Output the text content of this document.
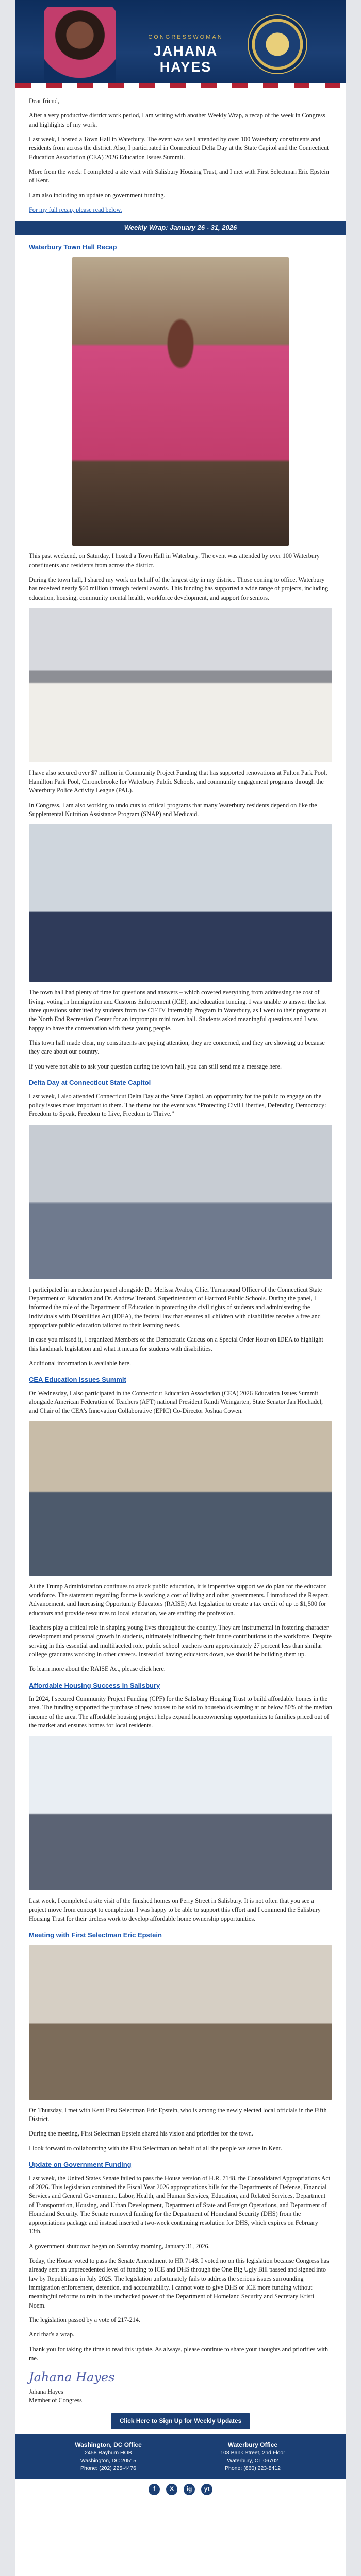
CONGRESSWOMAN
JAHANA HAYES

Dear friend,

After a very productive district work period, I am writing with another Weekly Wrap, a recap of the week in Congress and highlights of my work.

Last week, I hosted a Town Hall in Waterbury. The event was well attended by over 100 Waterbury constituents and residents from across the district. Also, I participated in Connecticut Delta Day at the State Capitol and the Connecticut Education Association (CEA) 2026 Education Issues Summit.

More from the week: I completed a site visit with Salisbury Housing Trust, and I met with First Selectman Eric Epstein of Kent.

I am also including an update on government funding.

For my full recap, please read below.

Weekly Wrap: January 26 - 31, 2026
Waterbury Town Hall Recap

This past weekend, on Saturday, I hosted a Town Hall in Waterbury. The event was attended by over 100 Waterbury constituents and residents from across the district.

During the town hall, I shared my work on behalf of the largest city in my district. Those coming to office, Waterbury has received nearly $60 million through federal awards. This funding has supported a wide range of projects, including education, housing, community mental health, workforce development, and support for seniors.

I have also secured over $7 million in Community Project Funding that has supported renovations at Fulton Park Pool, Hamilton Park Pool, Chronebrooke for Waterbury Public Schools, and community engagement programs through the Waterbury Police Activity League (PAL).

In Congress, I am also working to undo cuts to critical programs that many Waterbury residents depend on like the Supplemental Nutrition Assistance Program (SNAP) and Medicaid.

The town hall had plenty of time for questions and answers – which covered everything from addressing the cost of living, voting in Immigration and Customs Enforcement (ICE), and education funding. I was unable to answer the last three questions submitted by students from the CT-TV Internship Program in Waterbury, as I went to their programs at the North End Recreation Center for an impromptu mini town hall. Students asked meaningful questions and I was happy to have the conversation with these young people.

This town hall made clear, my constituents are paying attention, they are concerned, and they are showing up because they care about our country.

If you were not able to ask your question during the town hall, you can still send me a message here.

Delta Day at Connecticut State Capitol

Last week, I also attended Connecticut Delta Day at the State Capitol, an opportunity for the public to engage on the policy issues most important to them. The theme for the event was “Protecting Civil Liberties, Defending Democracy: Freedom to Speak, Freedom to Live, Freedom to Thrive.”

I participated in an education panel alongside Dr. Melissa Avalos, Chief Turnaround Officer of the Connecticut State Department of Education and Dr. Andrew Trenard, Superintendent of Hartford Public Schools. During the panel, I informed the role of the Department of Education in protecting the civil rights of students and administering the Individuals with Disabilities Act (IDEA), the federal law that ensures all children with disabilities receive a free and appropriate public education tailored to their learning needs.

In case you missed it, I organized Members of the Democratic Caucus on a Special Order Hour on IDEA to highlight this landmark legislation and what it means for students with disabilities.

Additional information is available here.

CEA Education Issues Summit

On Wednesday, I also participated in the Connecticut Education Association (CEA) 2026 Education Issues Summit alongside American Federation of Teachers (AFT) national President Randi Weingarten, State Senator Jan Hochadel, and Chair of the CEA's Innovation Collaborative (EPIC) Co-Director Joshua Cowen.

At the Trump Administration continues to attack public education, it is imperative support we do plan for the educator workforce. The statement regarding for me is working a cost of living and other governments. I introduced the Respect, Advancement, and Increasing Opportunity Educators (RAISE) Act legislation to create a tax credit of up to $1,500 for educators and provide resources to local education, we are staffing the profession.

Teachers play a critical role in shaping young lives throughout the country. They are instrumental in fostering character development and personal growth in students, ultimately influencing their future contributions to the workforce. Despite serving in this essential and multifaceted role, public school teachers earn approximately 27 percent less than similar college graduates working in other careers. Instead of having educators down, we should be building them up.

To learn more about the RAISE Act, please click here.

Affordable Housing Success in Salisbury

In 2024, I secured Community Project Funding (CPF) for the Salisbury Housing Trust to build affordable homes in the area. The funding supported the purchase of new houses to be sold to households earning at or below 80% of the median income of the area. The affordable housing project helps expand homeownership opportunities to families priced out of the market and ensures homes for local residents.

Last week, I completed a site visit of the finished homes on Perry Street in Salisbury. It is not often that you see a project move from concept to completion. I was happy to be able to support this effort and I commend the Salisbury Housing Trust for their tireless work to develop affordable home ownership opportunities.

Meeting with First Selectman Eric Epstein

On Thursday, I met with Kent First Selectman Eric Epstein, who is among the newly elected local officials in the Fifth District.

During the meeting, First Selectman Epstein shared his vision and priorities for the town.

I look forward to collaborating with the First Selectman on behalf of all the people we serve in Kent.

Update on Government Funding

Last week, the United States Senate failed to pass the House version of H.R. 7148, the Consolidated Appropriations Act of 2026. This legislation contained the Fiscal Year 2026 appropriations bills for the Departments of Defense, Financial Services and General Government, Labor, Health, and Human Services, Education, and Related Services, Department of Transportation, Housing, and Urban Development, Department of State and Foreign Operations, and Department of Homeland Security. The Senate removed funding for the Department of Homeland Security (DHS) from the appropriations package and instead inserted a two-week continuing resolution for DHS, which expires on February 13th.

A government shutdown began on Saturday morning, January 31, 2026.

Today, the House voted to pass the Senate Amendment to HR 7148. I voted no on this legislation because Congress has already sent an unprecedented level of funding to ICE and DHS through the One Big Ugly Bill passed and signed into law by Republicans in July 2025. The legislation unfortunately fails to address the serious issues surrounding immigration enforcement, detention, and accountability. I cannot vote to give DHS or ICE more funding without meaningful reforms to rein in the unchecked power of the Department of Homeland Security and Secretary Kristi Noem.

The legislation passed by a vote of 217-214.

And that's a wrap.

Thank you for taking the time to read this update. As always, please continue to share your thoughts and priorities with me.

Jahana Hayes

Jahana Hayes
Member of Congress

Click Here to Sign Up for Weekly Updates
Washington, DC Office
2458 Rayburn HOB
Washington, DC 20515
Phone: (202) 225-4476
Waterbury Office
108 Bank Street, 2nd Floor
Waterbury, CT 06702
Phone: (860) 223-8412
f	X	ig	yt
